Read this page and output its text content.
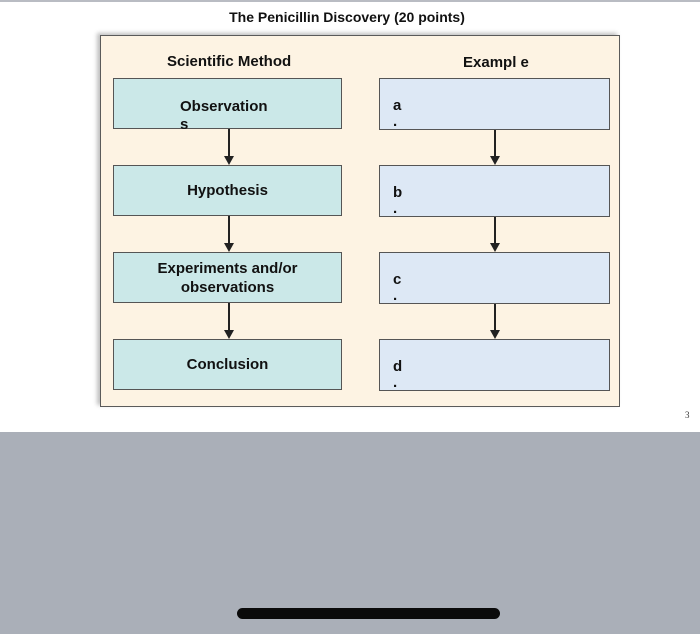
The Penicillin Discovery (20 points)
Scientific Method	Exampl e
Observation s
Hypothesis
Experiments and/or observations
Conclusion
a .
b .
c .
d .
3
